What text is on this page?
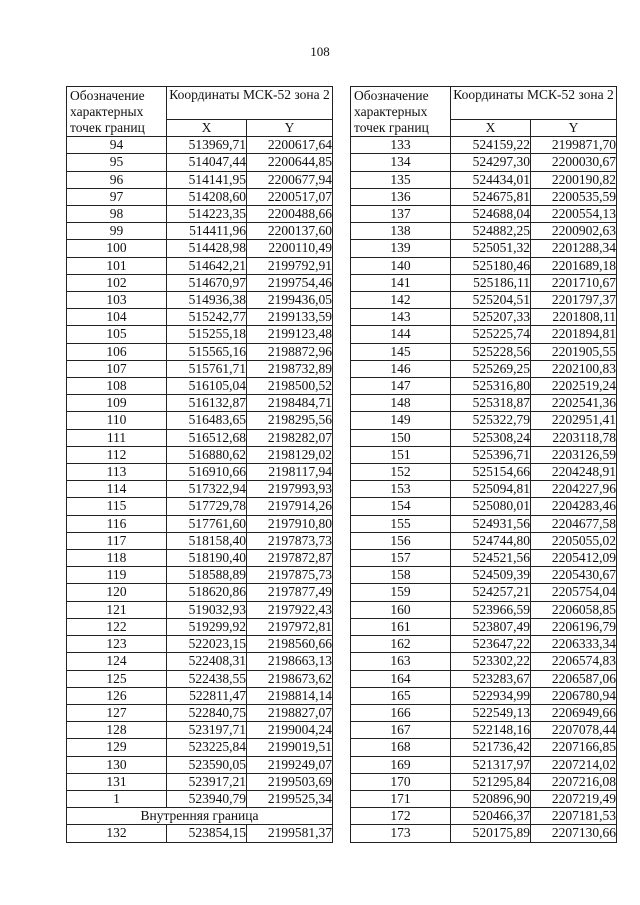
108
Обозначение характерных точек границ	Координаты МСК-52 зона 2	
	X	Y
94	513969,71	2200617,64
95	514047,44	2200644,85
96	514141,95	2200677,94
97	514208,60	2200517,07
98	514223,35	2200488,66
99	514411,96	2200137,60
100	514428,98	2200110,49
101	514642,21	2199792,91
102	514670,97	2199754,46
103	514936,38	2199436,05
104	515242,77	2199133,59
105	515255,18	2199123,48
106	515565,16	2198872,96
107	515761,71	2198732,89
108	516105,04	2198500,52
109	516132,87	2198484,71
110	516483,65	2198295,56
111	516512,68	2198282,07
112	516880,62	2198129,02
113	516910,66	2198117,94
114	517322,94	2197993,93
115	517729,78	2197914,26
116	517761,60	2197910,80
117	518158,40	2197873,73
118	518190,40	2197872,87
119	518588,89	2197875,73
120	518620,86	2197877,49
121	519032,93	2197922,43
122	519299,92	2197972,81
123	522023,15	2198560,66
124	522408,31	2198663,13
125	522438,55	2198673,62
126	522811,47	2198814,14
127	522840,75	2198827,07
128	523197,71	2199004,24
129	523225,84	2199019,51
130	523590,05	2199249,07
131	523917,21	2199503,69
1	523940,79	2199525,34
Внутренняя граница		
132	523854,15	2199581,37
Обозначение характерных точек границ	Координаты МСК-52 зона 2	
	X	Y
133	524159,22	2199871,70
134	524297,30	2200030,67
135	524434,01	2200190,82
136	524675,81	2200535,59
137	524688,04	2200554,13
138	524882,25	2200902,63
139	525051,32	2201288,34
140	525180,46	2201689,18
141	525186,11	2201710,67
142	525204,51	2201797,37
143	525207,33	2201808,11
144	525225,74	2201894,81
145	525228,56	2201905,55
146	525269,25	2202100,83
147	525316,80	2202519,24
148	525318,87	2202541,36
149	525322,79	2202951,41
150	525308,24	2203118,78
151	525396,71	2203126,59
152	525154,66	2204248,91
153	525094,81	2204227,96
154	525080,01	2204283,46
155	524931,56	2204677,58
156	524744,80	2205055,02
157	524521,56	2205412,09
158	524509,39	2205430,67
159	524257,21	2205754,04
160	523966,59	2206058,85
161	523807,49	2206196,79
162	523647,22	2206333,34
163	523302,22	2206574,83
164	523283,67	2206587,06
165	522934,99	2206780,94
166	522549,13	2206949,66
167	522148,16	2207078,44
168	521736,42	2207166,85
169	521317,97	2207214,02
170	521295,84	2207216,08
171	520896,90	2207219,49
172	520466,37	2207181,53
173	520175,89	2207130,66
